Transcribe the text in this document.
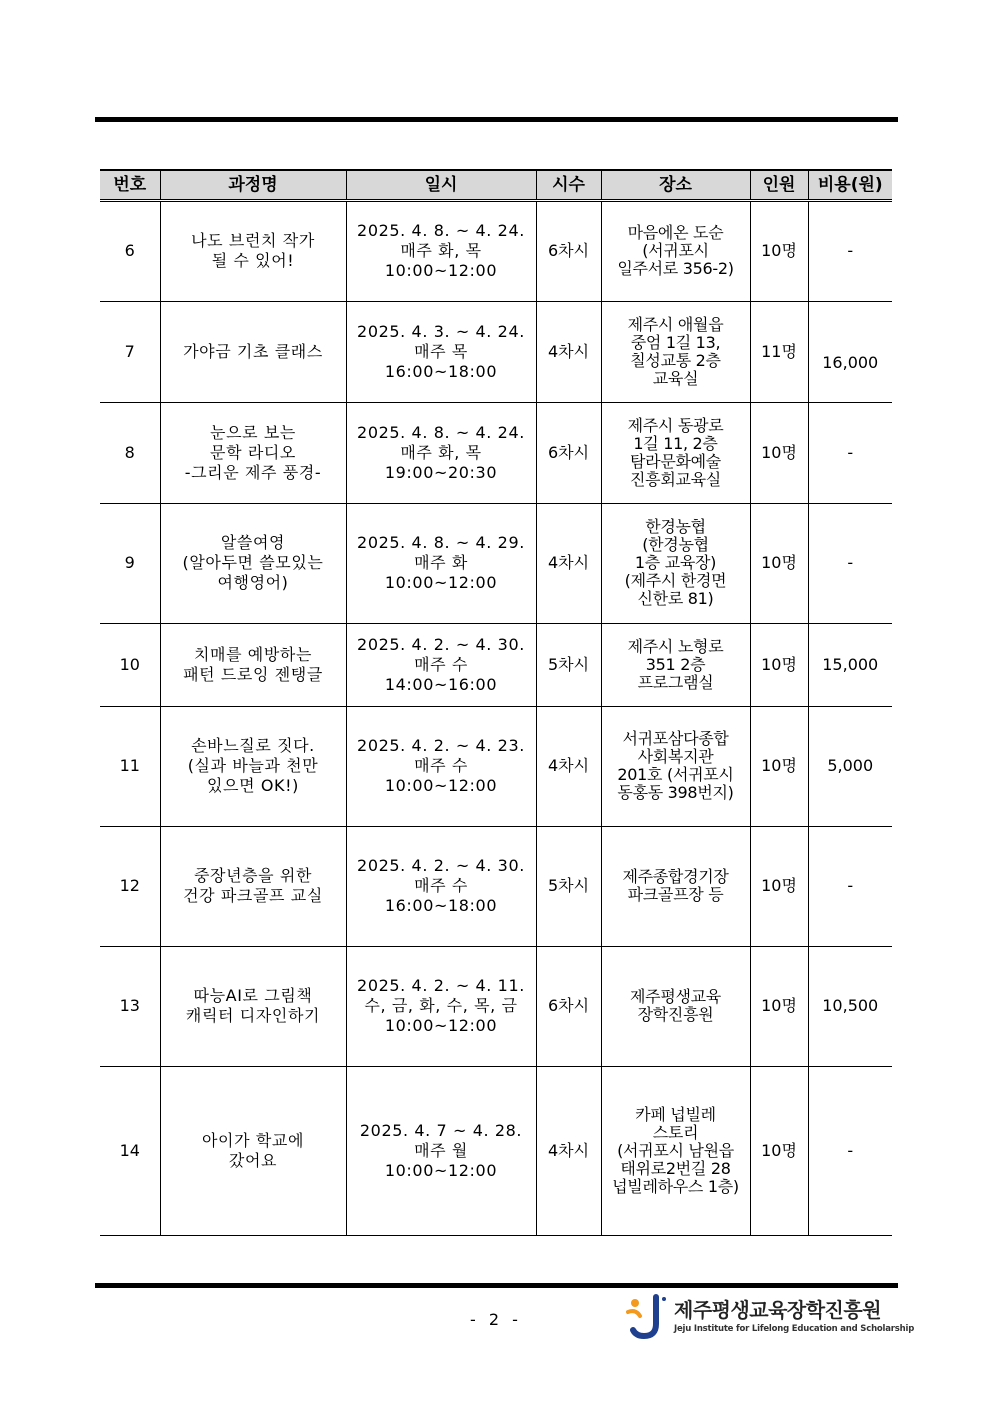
번호	과정명	일시	시수	장소	인원	비용(원)
6	나도 브런치 작가
될 수 있어!	2025. 4. 8. ~ 4. 24.
매주 화, 목
10:00~12:00	6차시	마음에온 도순
(서귀포시
일주서로 356-2)	10명	-
7	가야금 기초 클래스	2025. 4. 3. ~ 4. 24.
매주 목
16:00~18:00	4차시	제주시 애월읍
중엄 1길 13,
칠성교통 2층
교육실	11명	16,000
8	눈으로 보는
문학 라디오
-그리운 제주 풍경-	2025. 4. 8. ~ 4. 24.
매주 화, 목
19:00~20:30	6차시	제주시 동광로
1길 11, 2층
탐라문화예술
진흥회교육실	10명	-
9	알쓸여영
(알아두면 쓸모있는
여행영어)	2025. 4. 8. ~ 4. 29.
매주 화
10:00~12:00	4차시	한경농협
(한경농협
1층 교육장)
(제주시 한경면
신한로 81)	10명	-
10	치매를 예방하는
패턴 드로잉 젠탱글	2025. 4. 2. ~ 4. 30.
매주 수
14:00~16:00	5차시	제주시 노형로
351 2층
프로그램실	10명	15,000
11	손바느질로 짓다.
(실과 바늘과 천만
있으면 OK!)	2025. 4. 2. ~ 4. 23.
매주 수
10:00~12:00	4차시	서귀포삼다종합
사회복지관
201호 (서귀포시
동홍동 398번지)	10명	5,000
12	중장년층을 위한
건강 파크골프 교실	2025. 4. 2. ~ 4. 30.
매주 수
16:00~18:00	5차시	제주종합경기장
파크골프장 등	10명	-
13	따능AI로 그림책
캐릭터 디자인하기	2025. 4. 2. ~ 4. 11.
수, 금, 화, 수, 목, 금
10:00~12:00	6차시	제주평생교육
장학진흥원	10명	10,500
14	아이가 학교에
갔어요	2025. 4. 7 ~ 4. 28.
매주 월
10:00~12:00	4차시	카페 넙빌레
스토리
(서귀포시 남원읍
태위로2번길 28
넙빌레하우스 1층)	10명	-
- 2 -	제주평생교육장학진흥원
Jeju Institute for Lifelong Education and Scholarship
